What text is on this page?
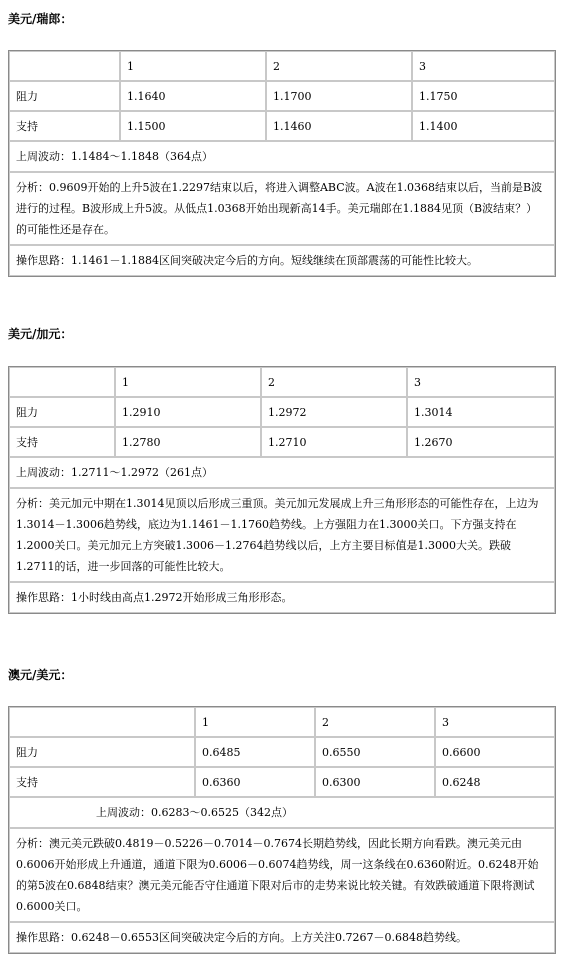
美元/瑞郎：
	1	2	3
阻力	1.1640	1.1700	1.1750
支持	1.1500	1.1460	1.1400
上周波动：1.1484～1.1848（364点）			
分析：0.9609开始的上升5波在1.2297结束以后，将进入调整ABC波。A波在1.0368结束以后，当前是B波进行的过程。B波形成上升5波。从低点1.0368开始出现新高14手。美元瑞郎在1.1884见顶（B波结束？）的可能性还是存在。			
操作思路：1.1461－1.1884区间突破决定今后的方向。短线继续在顶部震荡的可能性比较大。			
美元/加元：
	1	2	3
阻力	1.2910	1.2972	1.3014
支持	1.2780	1.2710	1.2670
上周波动：1.2711～1.2972（261点）			
分析：美元加元中期在1.3014见顶以后形成三重顶。美元加元发展成上升三角形形态的可能性存在，上边为1.3014－1.3006趋势线，底边为1.1461－1.1760趋势线。上方强阻力在1.3000关口。下方强支持在1.2000关口。美元加元上方突破1.3006－1.2764趋势线以后，上方主要目标值是1.3000大关。跌破1.2711的话，进一步回落的可能性比较大。			
操作思路：1小时线由高点1.2972开始形成三角形形态。			
澳元/美元：
	1	2	3
阻力	0.6485	0.6550	0.6600
支持	0.6360	0.6300	0.6248
上周波动：0.6283～0.6525（342点）			
分析：澳元美元跌破0.4819－0.5226－0.7014－0.7674长期趋势线，因此长期方向看跌。澳元美元由0.6006开始形成上升通道，通道下限为0.6006－0.6074趋势线，周一这条线在0.6360附近。0.6248开始的第5波在0.6848结束？澳元美元能否守住通道下限对后市的走势来说比较关键。有效跌破通道下限将测试0.6000关口。			
操作思路：0.6248－0.6553区间突破决定今后的方向。上方关注0.7267－0.6848趋势线。			
